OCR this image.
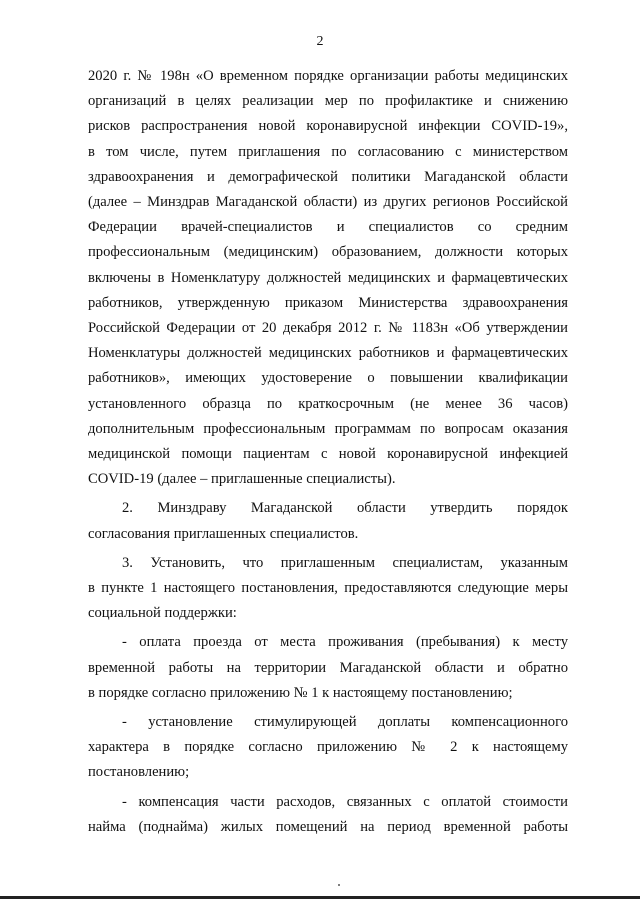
2

2020 г. № 198н «О временном порядке организации работы медицинских
организаций в целях реализации мер по профилактике и снижению
рисков распространения новой коронавирусной инфекции COVID-19»,
в том числе, путем приглашения по согласованию с министерством
здравоохранения и демографической политики Магаданской области
(далее – Минздрав Магаданской области) из других регионов Российской
Федерации врачей-специалистов и специалистов со средним
профессиональным (медицинским) образованием, должности которых
включены в Номенклатуру должностей медицинских и фармацевтических
работников, утвержденную приказом Министерства здравоохранения
Российской Федерации от 20 декабря 2012 г. № 1183н «Об утверждении
Номенклатуры должностей медицинских работников и фармацевтических
работников», имеющих удостоверение о повышении квалификации
установленного образца по краткосрочным (не менее 36 часов)
дополнительным профессиональным программам по вопросам оказания
медицинской помощи пациентам с новой коронавирусной инфекцией
COVID-19 (далее – приглашенные специалисты).

2. Минздраву Магаданской области утвердить порядок
согласования приглашенных специалистов.

3. Установить, что приглашенным специалистам, указанным
в пункте 1 настоящего постановления, предоставляются следующие меры
социальной поддержки:

- оплата проезда от места проживания (пребывания) к месту
временной работы на территории Магаданской области и обратно
в порядке согласно приложению № 1 к настоящему постановлению;

- установление стимулирующей доплаты компенсационного
характера в порядке согласно приложению № 2 к настоящему
постановлению;

- компенсация части расходов, связанных с оплатой стоимости
найма (поднайма) жилых помещений на период временной работы
